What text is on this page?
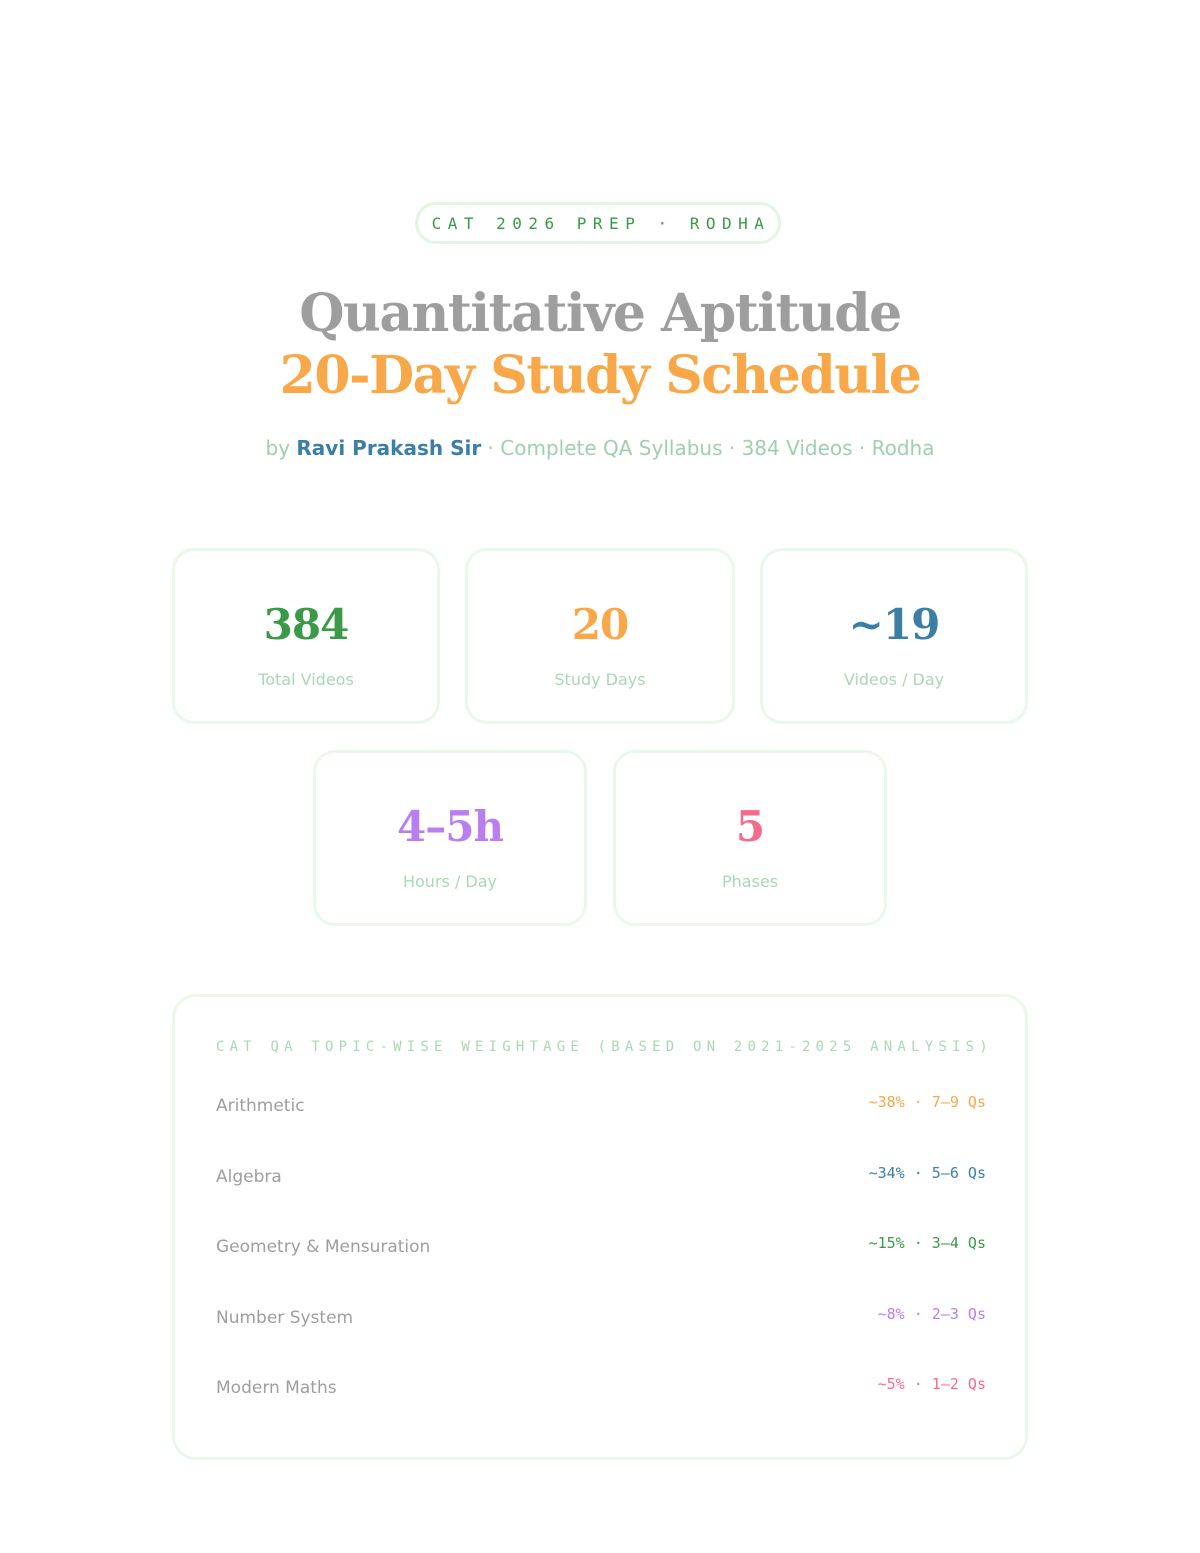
CAT 2026 PREP · RODHA
Quantitative Aptitude
20-Day Study Schedule
by Ravi Prakash Sir · Complete QA Syllabus · 384 Videos · Rodha
384
Total Videos
20
Study Days
~19
Videos / Day
4–5h
Hours / Day
5
Phases
CAT QA TOPIC-WISE WEIGHTAGE (BASED ON 2021-2025 ANALYSIS)
Arithmetic	~38% · 7–9 Qs
Algebra	~34% · 5–6 Qs
Geometry & Mensuration	~15% · 3–4 Qs
Number System	~8% · 2–3 Qs
Modern Maths	~5% · 1–2 Qs
